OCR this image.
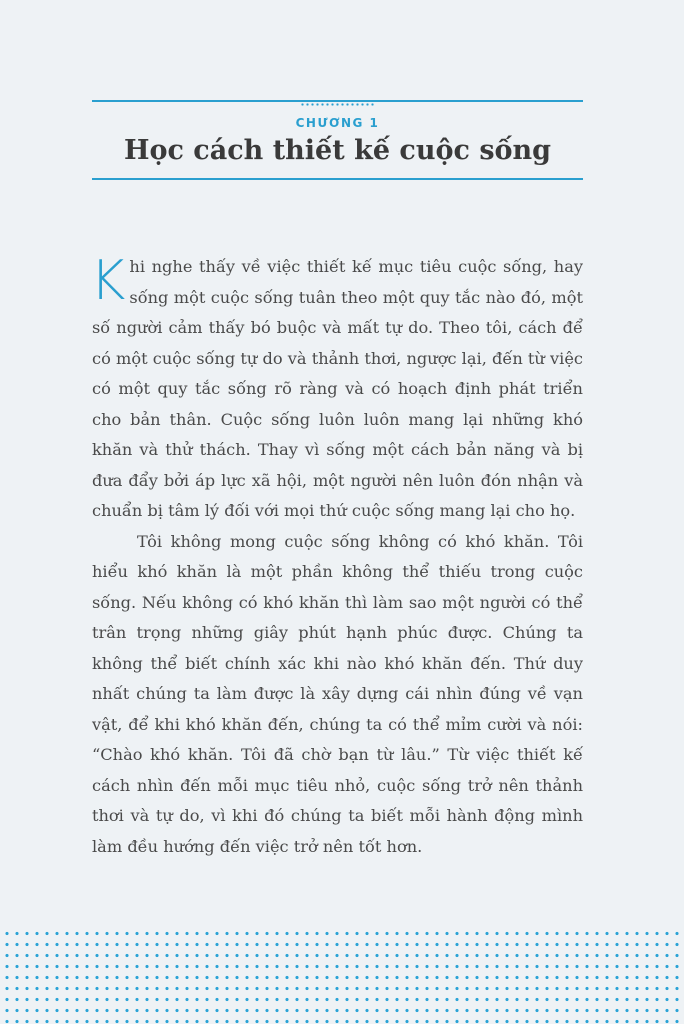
CHƯƠNG 1
Học cách thiết kế cuộc sống

Khi nghe thấy về việc thiết kế mục tiêu cuộc sống, hay sống một cuộc sống tuân theo một quy tắc nào đó, một số người cảm thấy bó buộc và mất tự do. Theo tôi, cách để có một cuộc sống tự do và thảnh thơi, ngược lại, đến từ việc có một quy tắc sống rõ ràng và có hoạch định phát triển cho bản thân. Cuộc sống luôn luôn mang lại những khó khăn và thử thách. Thay vì sống một cách bản năng và bị đưa đẩy bởi áp lực xã hội, một người nên luôn đón nhận và chuẩn bị tâm lý đối với mọi thứ cuộc sống mang lại cho họ.

Tôi không mong cuộc sống không có khó khăn. Tôi hiểu khó khăn là một phần không thể thiếu trong cuộc sống. Nếu không có khó khăn thì làm sao một người có thể trân trọng những giây phút hạnh phúc được. Chúng ta không thể biết chính xác khi nào khó khăn đến. Thứ duy nhất chúng ta làm được là xây dựng cái nhìn đúng về vạn vật, để khi khó khăn đến, chúng ta có thể mỉm cười và nói: “Chào khó khăn. Tôi đã chờ bạn từ lâu.” Từ việc thiết kế cách nhìn đến mỗi mục tiêu nhỏ, cuộc sống trở nên thảnh thơi và tự do, vì khi đó chúng ta biết mỗi hành động mình làm đều hướng đến việc trở nên tốt hơn.
